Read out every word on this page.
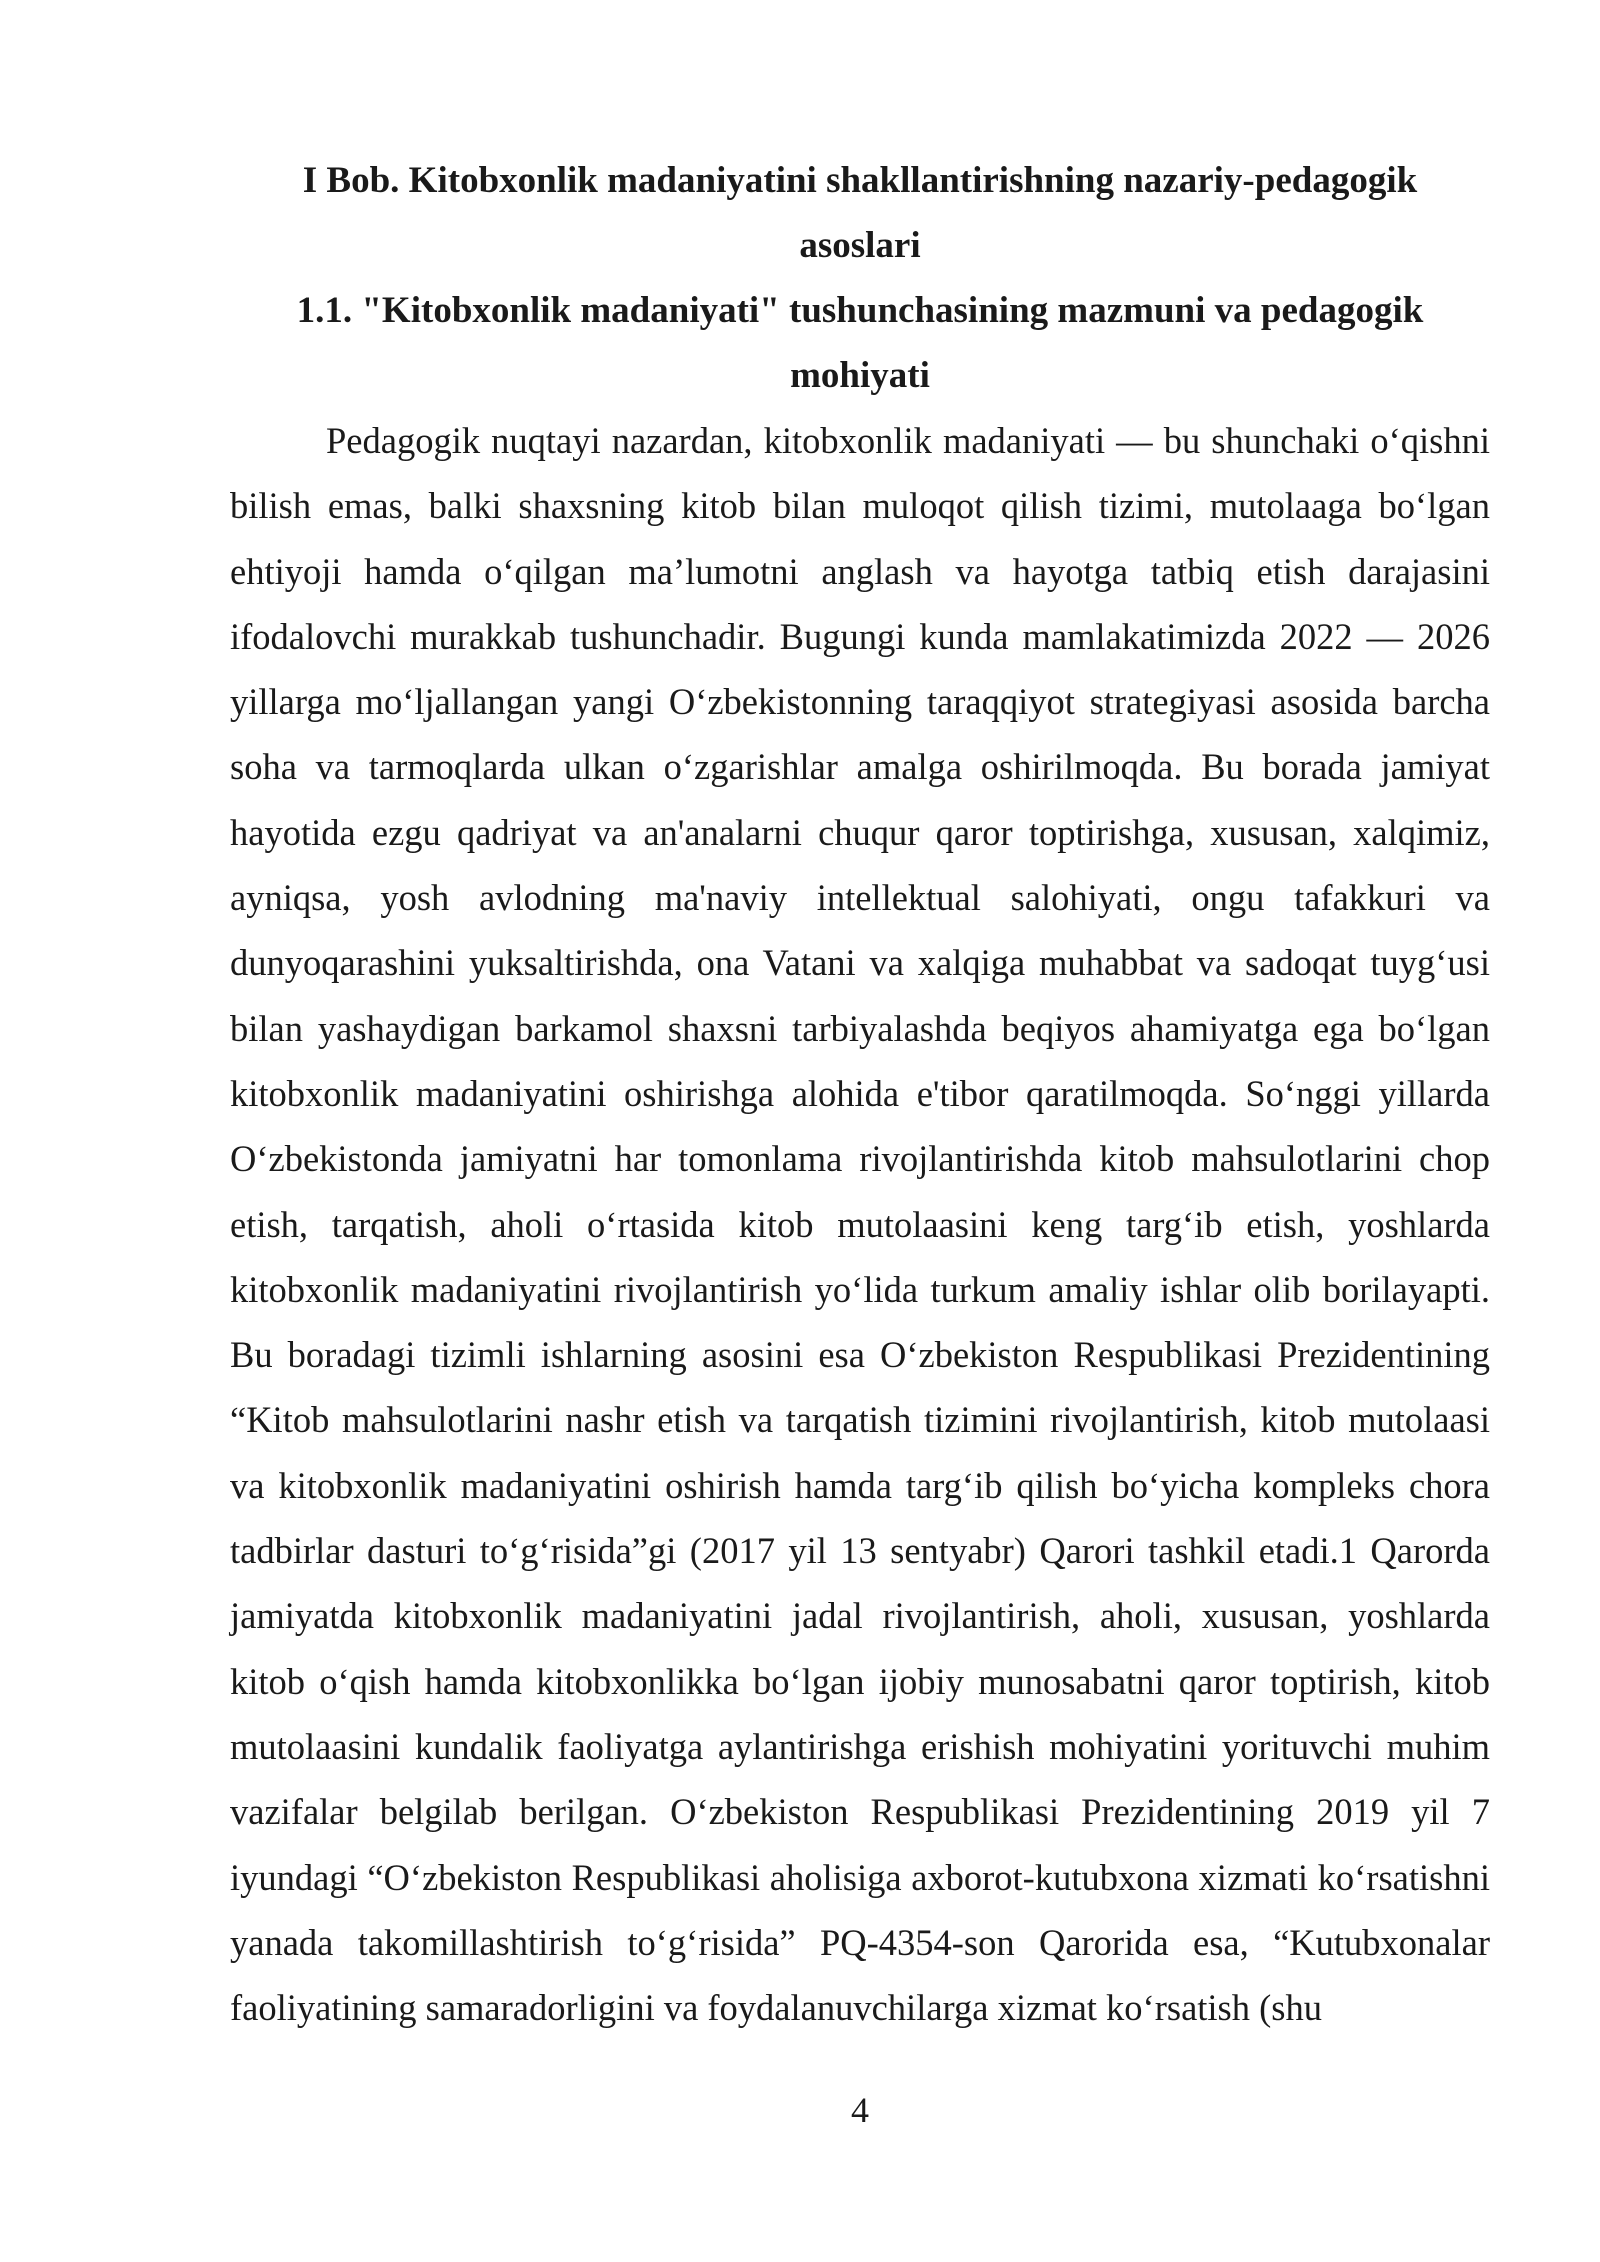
I Bob. Kitobxonlik madaniyatini shakllantirishning nazariy-pedagogik asoslari
1.1. "Kitobxonlik madaniyati" tushunchasining mazmuni va pedagogik mohiyati

Pedagogik nuqtayi nazardan, kitobxonlik madaniyati — bu shunchaki oʻqishni bilish emas, balki shaxsning kitob bilan muloqot qilish tizimi, mutolaaga boʻlgan ehtiyoji hamda oʻqilgan maʼlumotni anglash va hayotga tatbiq etish darajasini ifodalovchi murakkab tushunchadir. Bugungi kunda mamlakatimizda 2022 — 2026 yillarga moʻljallangan yangi Oʻzbekistonning taraqqiyot strategiyasi asosida barcha soha va tarmoqlarda ulkan oʻzgarishlar amalga oshirilmoqda. Bu borada jamiyat hayotida ezgu qadriyat va an'analarni chuqur qaror toptirishga, xususan, xalqimiz, ayniqsa, yosh avlodning ma'naviy intellektual salohiyati, ongu tafakkuri va dunyoqarashini yuksaltirishda, ona Vatani va xalqiga muhabbat va sadoqat tuygʻusi bilan yashaydigan barkamol shaxsni tarbiyalashda beqiyos ahamiyatga ega boʻlgan kitobxonlik madaniyatini oshirishga alohida e'tibor qaratilmoqda. Soʻnggi yillarda Oʻzbekistonda jamiyatni har tomonlama rivojlantirishda kitob mahsulotlarini chop etish, tarqatish, aholi oʻrtasida kitob mutolaasini keng targʻib etish, yoshlarda kitobxonlik madaniyatini rivojlantirish yoʻlida turkum amaliy ishlar olib borilayapti. Bu boradagi tizimli ishlarning asosini esa Oʻzbekiston Respublikasi Prezidentining “Kitob mahsulotlarini nashr etish va tarqatish tizimini rivojlantirish, kitob mutolaasi va kitobxonlik madaniyatini oshirish hamda targʻib qilish boʻyicha kompleks chora tadbirlar dasturi toʻgʻrisida”gi (2017 yil 13 sentyabr) Qarori tashkil etadi.1 Qarorda jamiyatda kitobxonlik madaniyatini jadal rivojlantirish, aholi, xususan, yoshlarda kitob oʻqish hamda kitobxonlikka boʻlgan ijobiy munosabatni qaror toptirish, kitob mutolaasini kundalik faoliyatga aylantirishga erishish mohiyatini yorituvchi muhim vazifalar belgilab berilgan. Oʻzbekiston Respublikasi Prezidentining 2019 yil 7 iyundagi “Oʻzbekiston Respublikasi aholisiga axborot-kutubxona xizmati koʻrsatishni yanada takomillashtirish toʻgʻrisida” PQ-4354-son Qarorida esa, “Kutubxonalar faoliyatining samaradorligini va foydalanuvchilarga xizmat koʻrsatish (shu

4
